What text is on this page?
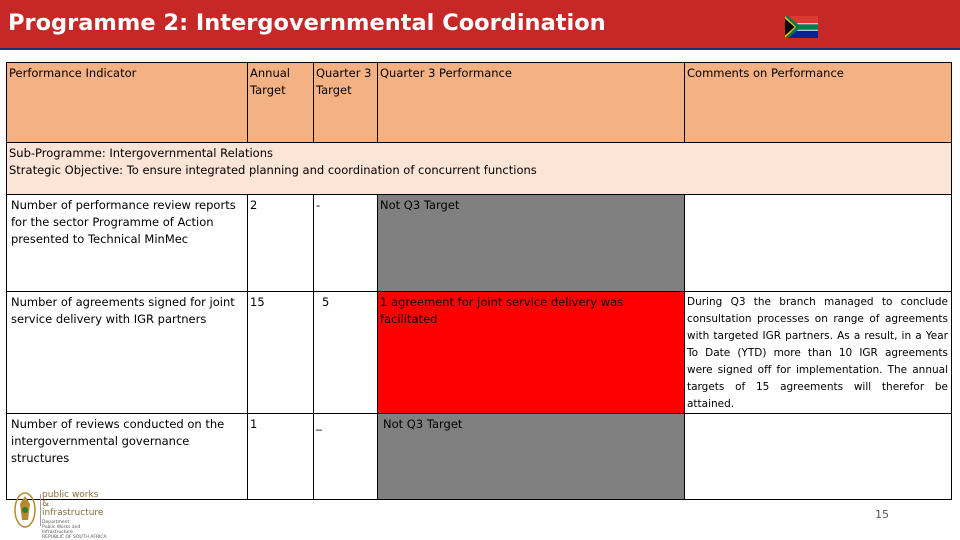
Programme 2: Intergovernmental Coordination
Performance Indicator	Annual Target	Quarter 3 Target	Quarter 3 Performance	Comments on Performance

Sub-Programme: Intergovernmental Relations
Strategic Objective: To ensure integrated planning and coordination of concurrent functions				

Number of performance review reports for the sector Programme of Action presented to Technical MinMec	2	-	Not Q3 Target	
Number of agreements signed for joint service delivery with IGR partners	15	5	1 agreement for joint service delivery was facilitated	During Q3 the branch managed to conclude consultation processes on range of agreements with targeted IGR partners. As a result, in a Year To Date (YTD) more than 10 IGR agreements were signed off for implementation. The annual targets of 15 agreements will therefor be attained.
Number of reviews conducted on the intergovernmental governance structures	1	_	Not Q3 Target	
public works
& infrastructure
Department:
Public Works and Infrastructure
REPUBLIC OF SOUTH AFRICA
15
